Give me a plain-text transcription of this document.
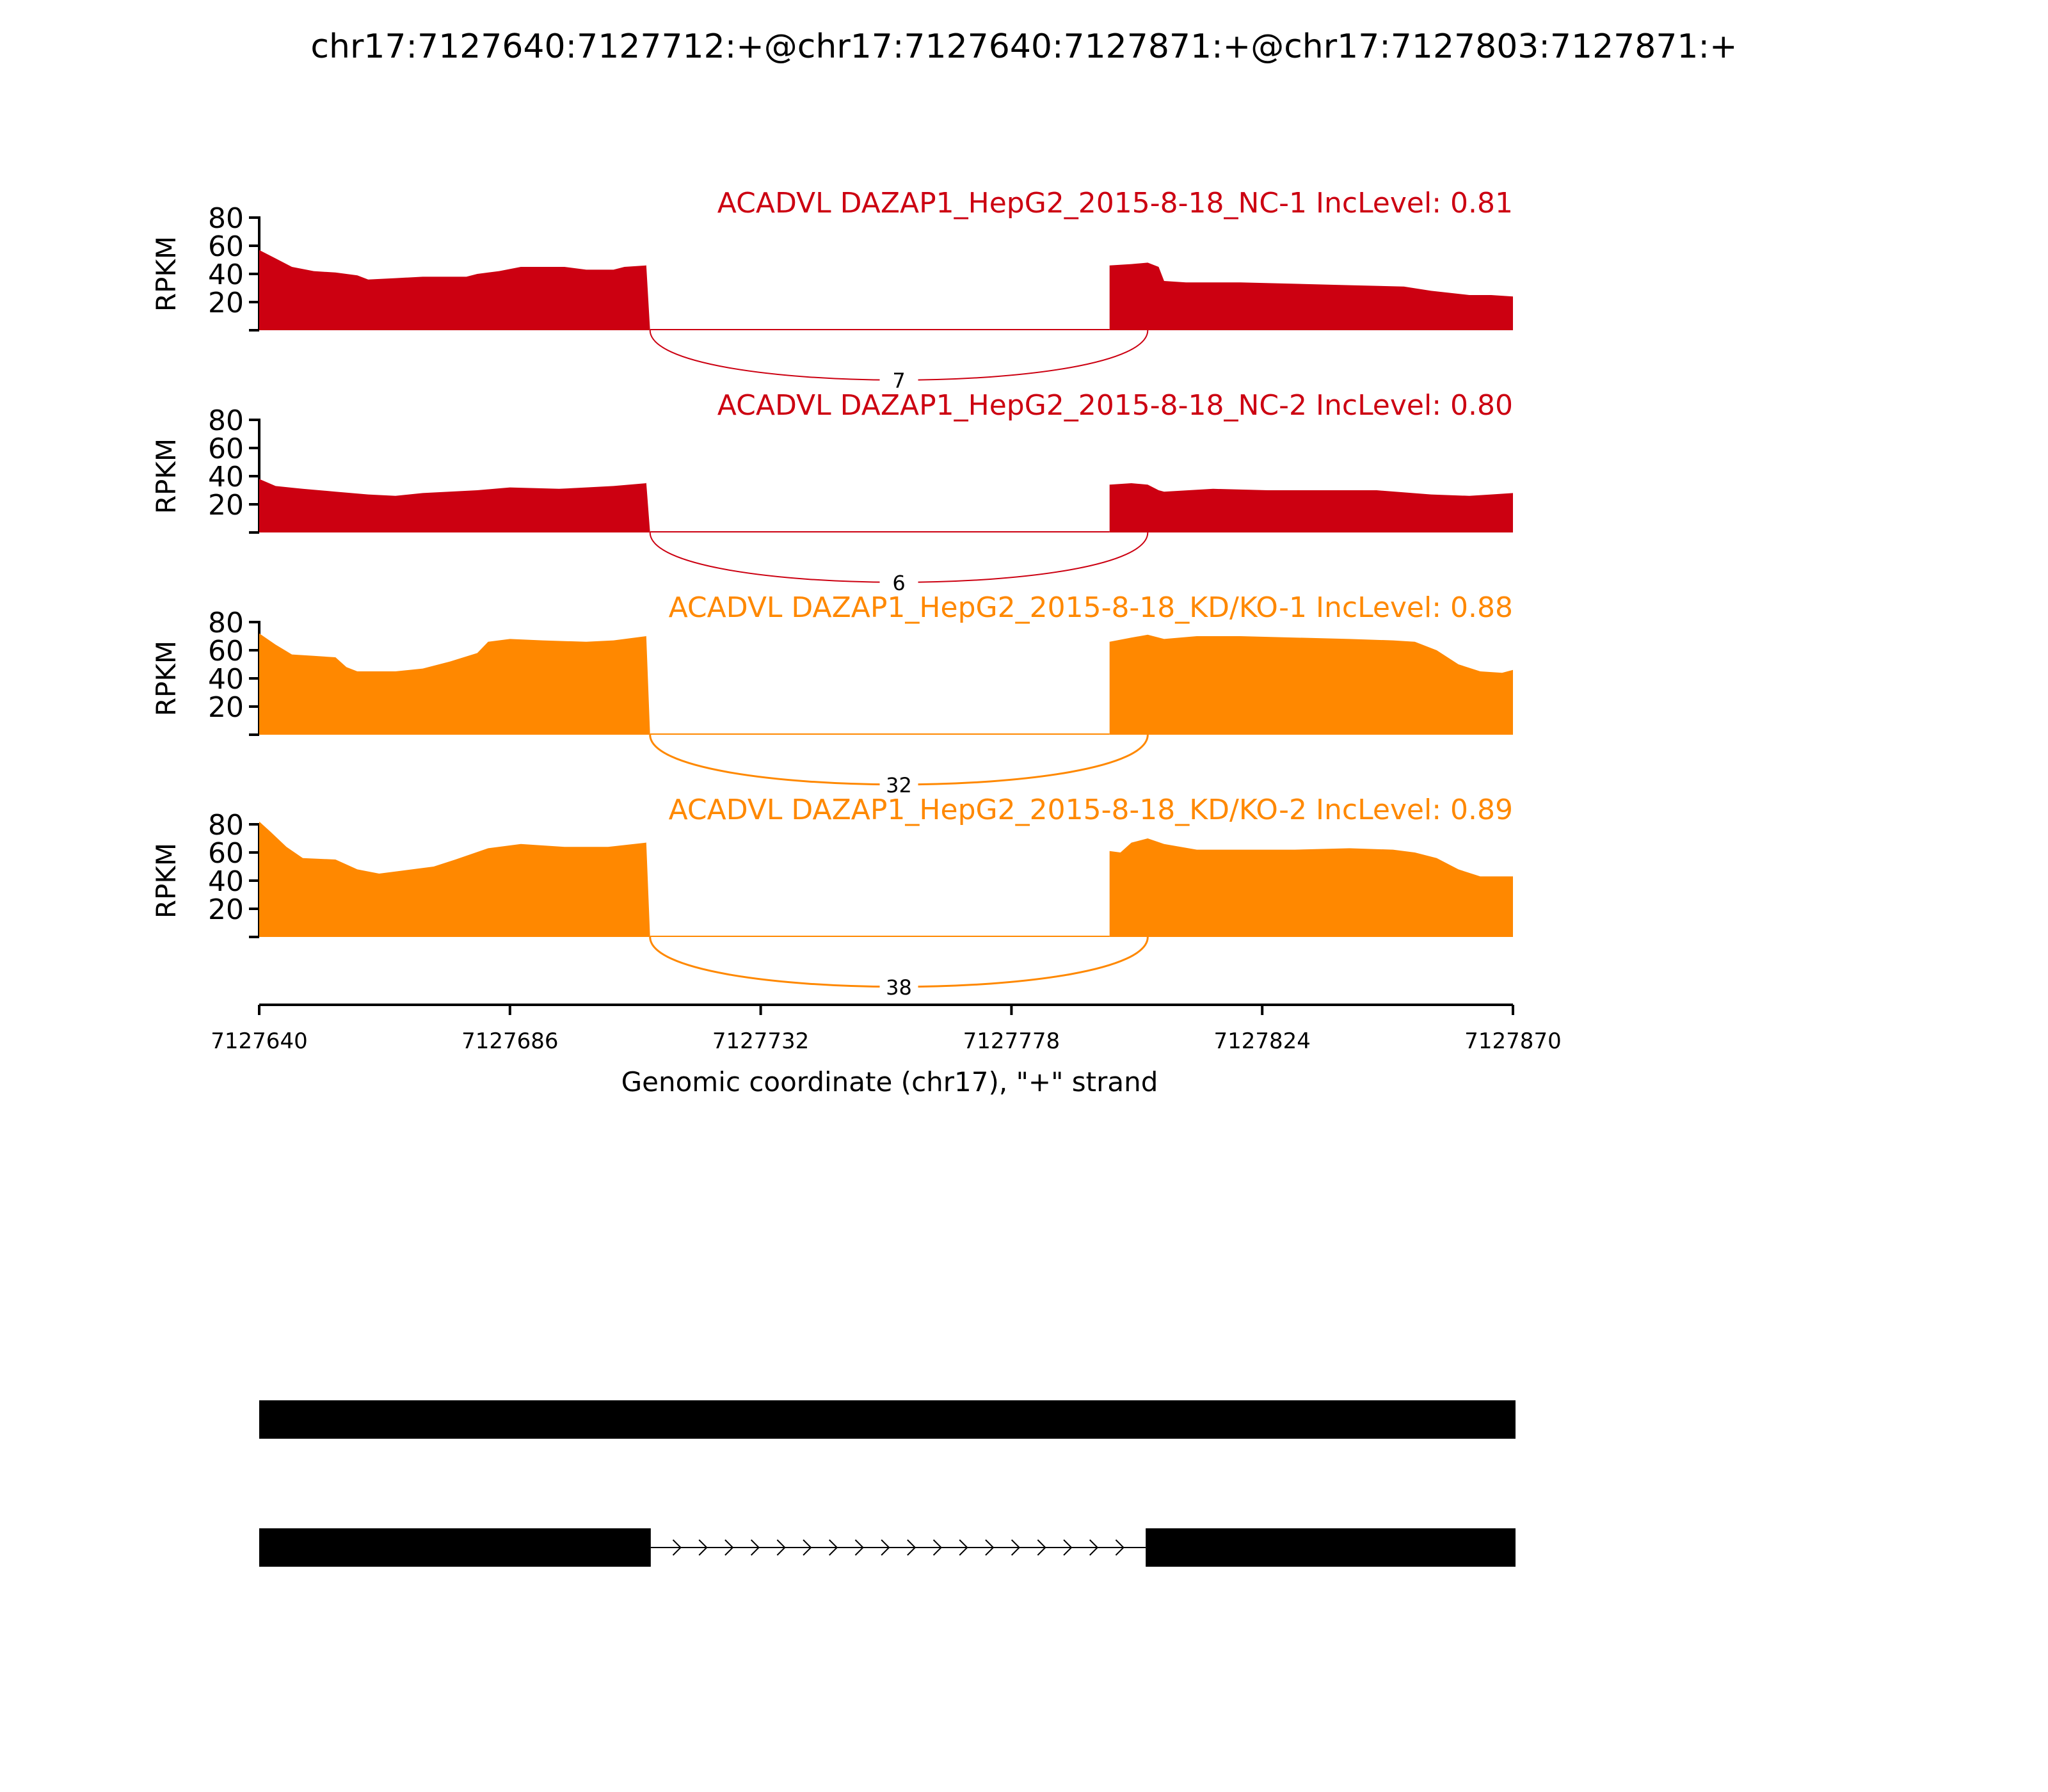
chr17:7127640:7127712:+@chr17:7127640:7127871:+@chr17:7127803:7127871:+
20
40
60
80
RPKM
7
ACADVL DAZAP1_HepG2_2015-8-18_NC-1 IncLevel: 0.81
20
40
60
80
RPKM
6
ACADVL DAZAP1_HepG2_2015-8-18_NC-2 IncLevel: 0.80
20
40
60
80
RPKM
32
ACADVL DAZAP1_HepG2_2015-8-18_KD/KO-1 IncLevel: 0.88
20
40
60
80
RPKM
38
ACADVL DAZAP1_HepG2_2015-8-18_KD/KO-2 IncLevel: 0.89
7127640	7127686	7127732	7127778	7127824	7127870
Genomic coordinate (chr17), "+" strand
